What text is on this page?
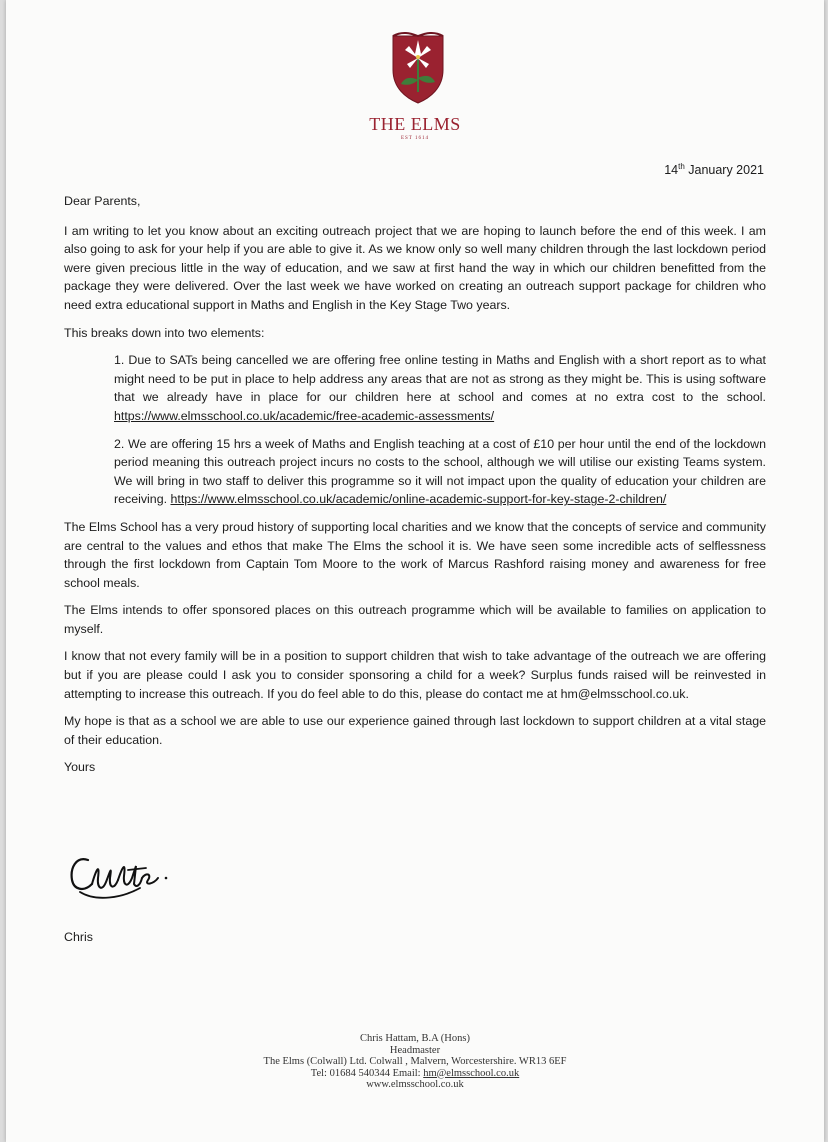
THE ELMS
EST 1614
14th January 2021

Dear Parents,

I am writing to let you know about an exciting outreach project that we are hoping to launch before the end of this week. I am also going to ask for your help if you are able to give it. As we know only so well many children through the last lockdown period were given precious little in the way of education, and we saw at first hand the way in which our children benefitted from the package they were delivered. Over the last week we have worked on creating an outreach support package for children who need extra educational support in Maths and English in the Key Stage Two years.

This breaks down into two elements:

1. Due to SATs being cancelled we are offering free online testing in Maths and English with a short report as to what might need to be put in place to help address any areas that are not as strong as they might be. This is using software that we already have in place for our children here at school and comes at no extra cost to the school. https://www.elmsschool.co.uk/academic/free-academic-assessments/
2. We are offering 15 hrs a week of Maths and English teaching at a cost of £10 per hour until the end of the lockdown period meaning this outreach project incurs no costs to the school, although we will utilise our existing Teams system. We will bring in two staff to deliver this programme so it will not impact upon the quality of education your children are receiving. https://www.elmsschool.co.uk/academic/online-academic-support-for-key-stage-2-children/

The Elms School has a very proud history of supporting local charities and we know that the concepts of service and community are central to the values and ethos that make The Elms the school it is. We have seen some incredible acts of selflessness through the first lockdown from Captain Tom Moore to the work of Marcus Rashford raising money and awareness for free school meals.

The Elms intends to offer sponsored places on this outreach programme which will be available to families on application to myself.

I know that not every family will be in a position to support children that wish to take advantage of the outreach we are offering but if you are please could I ask you to consider sponsoring a child for a week? Surplus funds raised will be reinvested in attempting to increase this outreach. If you do feel able to do this, please do contact me at hm@elmsschool.co.uk.

My hope is that as a school we are able to use our experience gained through last lockdown to support children at a vital stage of their education.

Yours

Chris
Chris Hattam, B.A (Hons)
Headmaster
The Elms (Colwall) Ltd. Colwall , Malvern, Worcestershire. WR13 6EF
Tel: 01684 540344 Email: hm@elmsschool.co.uk
www.elmsschool.co.uk
